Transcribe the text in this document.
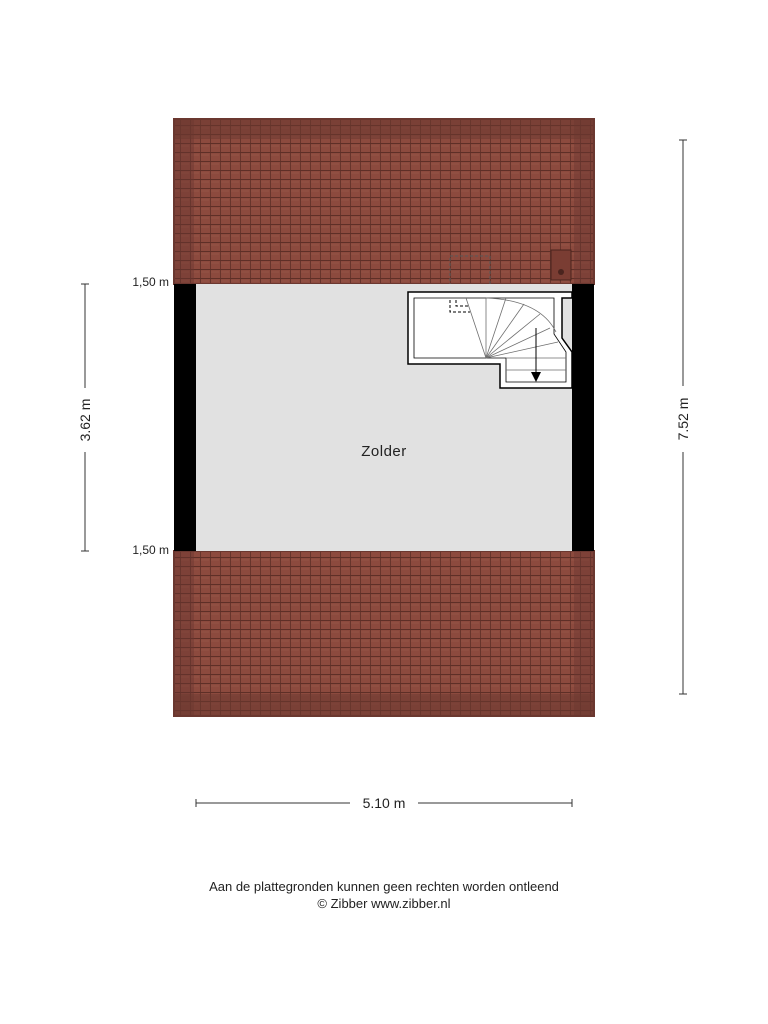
Zolder
1,50 m
1,50 m
3.62 m	7.52 m
5.10 m
Aan de plattegronden kunnen geen rechten worden ontleend
© Zibber www.zibber.nl
